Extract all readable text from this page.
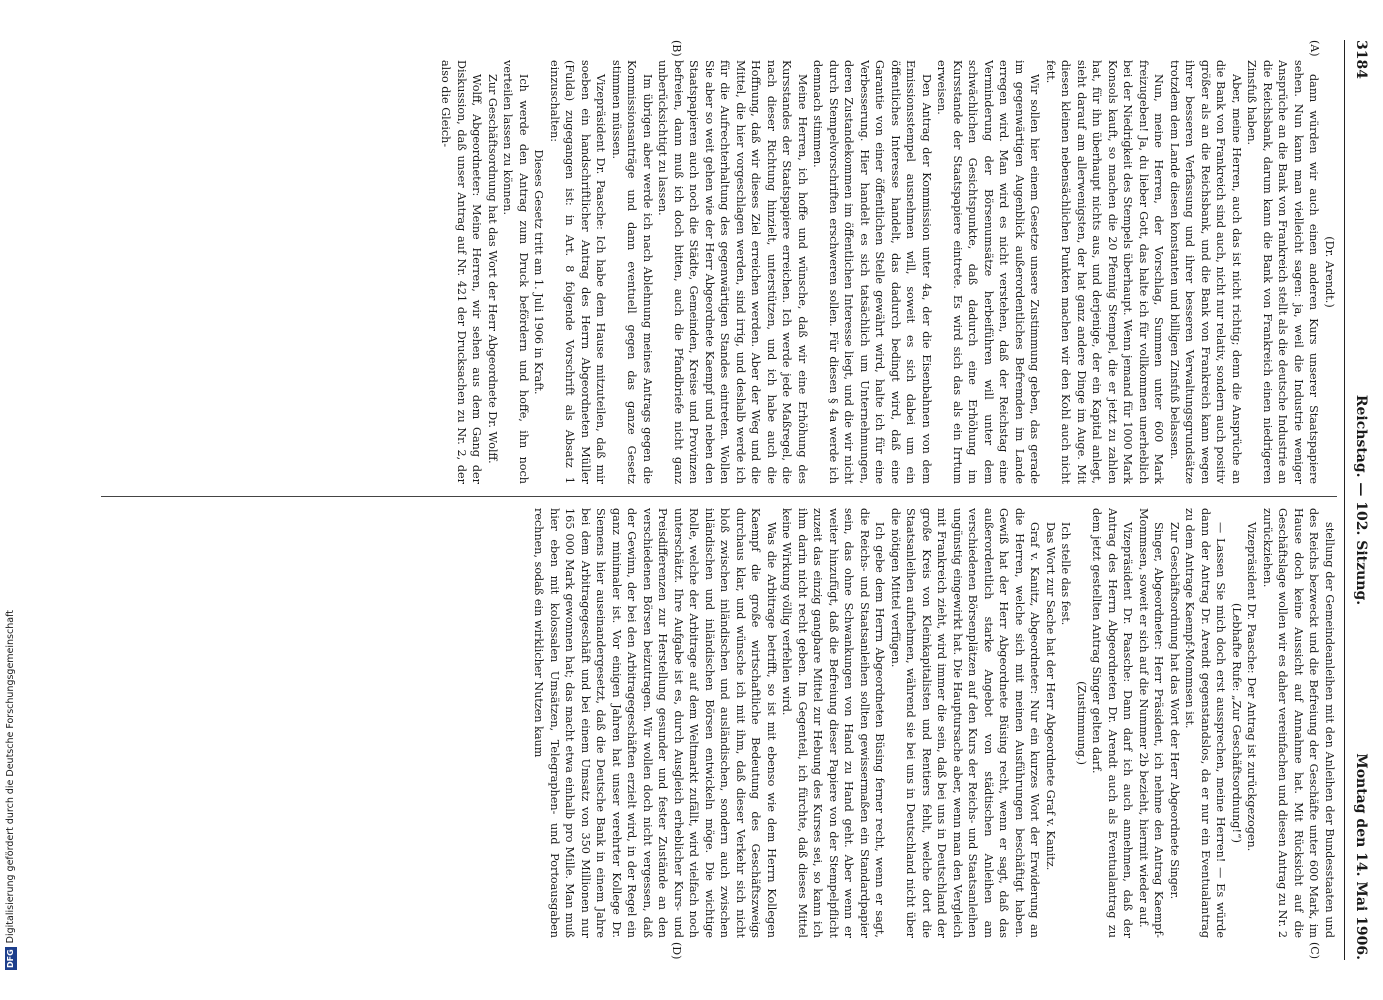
3184
Reichstag. — 102. Sitzung.
Montag den 14. Mai 1906.
(A)
(B)
(C)
(D)

(Dr. Arendt.)

dann würden wir auch einen anderen Kurs unserer Staatspapiere sehen. Nun kann man vielleicht sagen: ja, weil die Industrie weniger Ansprüche an die Bank von Frankreich stellt als die deutsche Industrie an die Reichsbank, darum kann die Bank von Frankreich einen niedrigeren Zinsfuß haben.

Aber, meine Herren, auch das ist nicht richtig; denn die Ansprüche an die Bank von Frankreich sind auch, nicht nur relativ, sondern auch positiv größer als an die Reichsbank, und die Bank von Frankreich kann wegen ihrer besseren Verfassung und ihrer besseren Verwaltungsgrundsätze trotzdem dem Lande diesen konstanten und billigen Zinsfuß belassen.

Nun, meine Herren, der Vorschlag, Summen unter 600 Mark freizugeben! Ja, du lieber Gott, das halte ich für vollkommen unerheblich bei der Niedrigkeit des Stempels überhaupt. Wenn jemand für 1000 Mark Konsols kauft, so machen die 20 Pfennig Stempel, die er jetzt zu zahlen hat, für ihn überhaupt nichts aus, und derjenige, der ein Kapital anlegt, sieht darauf am allerwenigsten, der hat ganz andere Dinge im Auge. Mit diesen kleinen nebensächlichen Punkten machen wir den Kohl auch nicht fett.

Wir sollen hier einem Gesetze unsere Zustimmung geben, das gerade im gegenwärtigen Augenblick außerordentliches Befremden im Lande erregen wird. Man wird es nicht verstehen, daß der Reichstag eine Verminderung der Börsenumsätze herbeiführen will unter dem schwächlichen Gesichtspunkte, daß dadurch eine Erhöhung im Kursstande der Staatspapiere eintrete. Es wird sich das als ein Irrtum erweisen.

Den Antrag der Kommission unter 4a, der die Eisenbahnen von dem Emissionsstempel ausnehmen will, soweit es sich dabei um ein öffentliches Interesse handelt, das dadurch bedingt wird, daß eine Garantie von einer öffentlichen Stelle gewährt wird, halte ich für eine Verbesserung. Hier handelt es sich tatsächlich um Unternehmungen, deren Zustandekommen im öffentlichen Interesse liegt, und die wir nicht durch Stempelvorschriften erschweren sollen. Für diesen § 4a werde ich demnach stimmen.

Meine Herren, ich hoffe und wünsche, daß wir eine Erhöhung des Kursstandes der Staatspapiere erreichen. Ich werde jede Maßregel, die nach dieser Richtung hinzielt, unterstützen, und ich habe auch die Hoffnung, daß wir dieses Ziel erreichen werden. Aber der Weg und die Mittel, die hier vorgeschlagen werden, sind irrig, und deshalb werde ich für die Aufrechterhaltung des gegenwärtigen Standes eintreten. Wollen Sie aber so weit gehen wie der Herr Abgeordnete Kaempf und neben den Staatspapieren auch noch die Städte, Gemeinden, Kreise und Provinzen befreien, dann muß ich doch bitten, auch die Pfandbriefe nicht ganz unberücksichtigt zu lassen.

Im übrigen aber werde ich nach Ablehnung meines Antrags gegen die Kommissionsanträge und dann eventuell gegen das ganze Gesetz stimmen müssen.

Vizepräsident Dr. Paasche: Ich habe dem Hause mitzuteilen, daß mir soeben ein handschriftlicher Antrag des Herrn Abgeordneten Müller (Fulda) zugegangen ist: in Art. 8 folgende Vorschrift als Absatz 1 einzuschalten:

Dieses Gesetz tritt am 1. Juli 1906 in Kraft.

Ich werde den Antrag zum Druck befördern und hoffe, ihn noch verteilen lassen zu können.

Zur Geschäftsordnung hat das Wort der Herr Abgeordnete Dr. Wolff.

Wolff, Abgeordneter: Meine Herren, wir sehen aus dem Gang der Diskussion, daß unser Antrag auf Nr. 421 der Drucksachen zu Nr. 2, der also die Gleich-

stellung der Gemeindeanleihen mit den Anleihen der Bundesstaaten und des Reichs bezweckt und die Befreiung der Geschäfte unter 600 Mark, im Hause doch keine Aussicht auf Annahme hat. Mit Rücksicht auf die Geschäftslage wollen wir es daher vereinfachen und diesen Antrag zu Nr. 2 zurückziehen.

Vizepräsident Dr. Paasche: Der Antrag ist zurückgezogen.

(Lebhafte Rufe: „Zur Geschäftsordnung!“)

— Lassen Sie mich doch erst aussprechen, meine Herren! — Es würde dann der Antrag Dr. Arendt gegenstandslos, da er nur ein Eventualantrag zu dem Antrage Kaempf-Mommsen ist.

Zur Geschäftsordnung hat das Wort der Herr Abgeordnete Singer.

Singer, Abgeordneter: Herr Präsident, ich nehme den Antrag Kaempf-Mommsen, soweit er sich auf die Nummer 2b bezieht, hiermit wieder auf.

Vizepräsident Dr. Paasche: Dann darf ich auch annehmen, daß der Antrag des Herrn Abgeordneten Dr. Arendt auch als Eventualantrag zu dem jetzt gestellten Antrag Singer gelten darf.

(Zustimmung.)

Ich stelle das fest.

Das Wort zur Sache hat der Herr Abgeordnete Graf v. Kanitz.

Graf v. Kanitz, Abgeordneter: Nur ein kurzes Wort der Erwiderung an die Herren, welche sich mit meinen Ausführungen beschäftigt haben. Gewiß hat der Herr Abgeordnete Büsing recht, wenn er sagt, daß das außerordentlich starke Angebot von städtischen Anleihen am verschiedenen Börsenplätzen auf den Kurs der Reichs- und Staatsanleihen ungünstig eingewirkt hat. Die Hauptursache aber, wenn man den Vergleich mit Frankreich zieht, wird immer die sein, daß bei uns in Deutschland der große Kreis von Kleinkapitalisten und Rentiers fehlt, welche dort die Staatsanleihen aufnehmen, während sie bei uns in Deutschland nicht über die nötigen Mittel verfügen.

Ich gebe dem Herrn Abgeordneten Büsing ferner recht, wenn er sagt, die Reichs- und Staatsanleihen sollten gewissermaßen ein Standardpapier sein, das ohne Schwankungen von Hand zu Hand geht. Aber wenn er weiter hinzufügt, daß die Befreiung dieser Papiere von der Stempelpflicht zuzeit das einzig gangbare Mittel zur Hebung des Kurses sei, so kann ich ihm darin nicht recht geben. Im Gegenteil, ich fürchte, daß dieses Mittel keine Wirkung völlig verfehlen wird.

Was die Arbitrage betrifft, so ist mit ebenso wie dem Herrn Kollegen Kaempf die große wirtschaftliche Bedeutung des Geschäftszweigs durchaus klar, und wünsche ich mit ihm, daß dieser Verkehr sich nicht bloß zwischen inländischen und ausländischen, sondern auch zwischen inländischen und inländischen Börsen entwickeln möge. Die wichtige Rolle, welche der Arbitrage auf dem Weltmarkt zufällt, wird vielfach noch unterschätzt. Ihre Aufgabe ist es, durch Ausgleich erheblicher Kurs- und Preisdifferenzen zur Herstellung gesunder und fester Zustände an den verschiedenen Börsen beizutragen. Wir wollen doch nicht vergessen, daß der Gewinn, der bei den Arbitragegeschäften erzielt wird, in der Regel ein ganz minimaler ist. Vor einigen Jahren hat unser verehrter Kollege Dr. Siemens hier auseinandergesetzt, daß die Deutsche Bank in einem Jahre bei dem Arbitragegeschäft und bei einem Umsatz von 350 Millionen nur 165 000 Mark gewonnen hat; das macht etwa einhalb pro Mille. Man muß hier eben mit kolossalen Umsätzen, Telegraphen- und Portoausgaben rechnen, sodaß ein wirklicher Nutzen kaum

DFGDigitalisierung gefördert durch die Deutsche Forschungsgemeinschaft
